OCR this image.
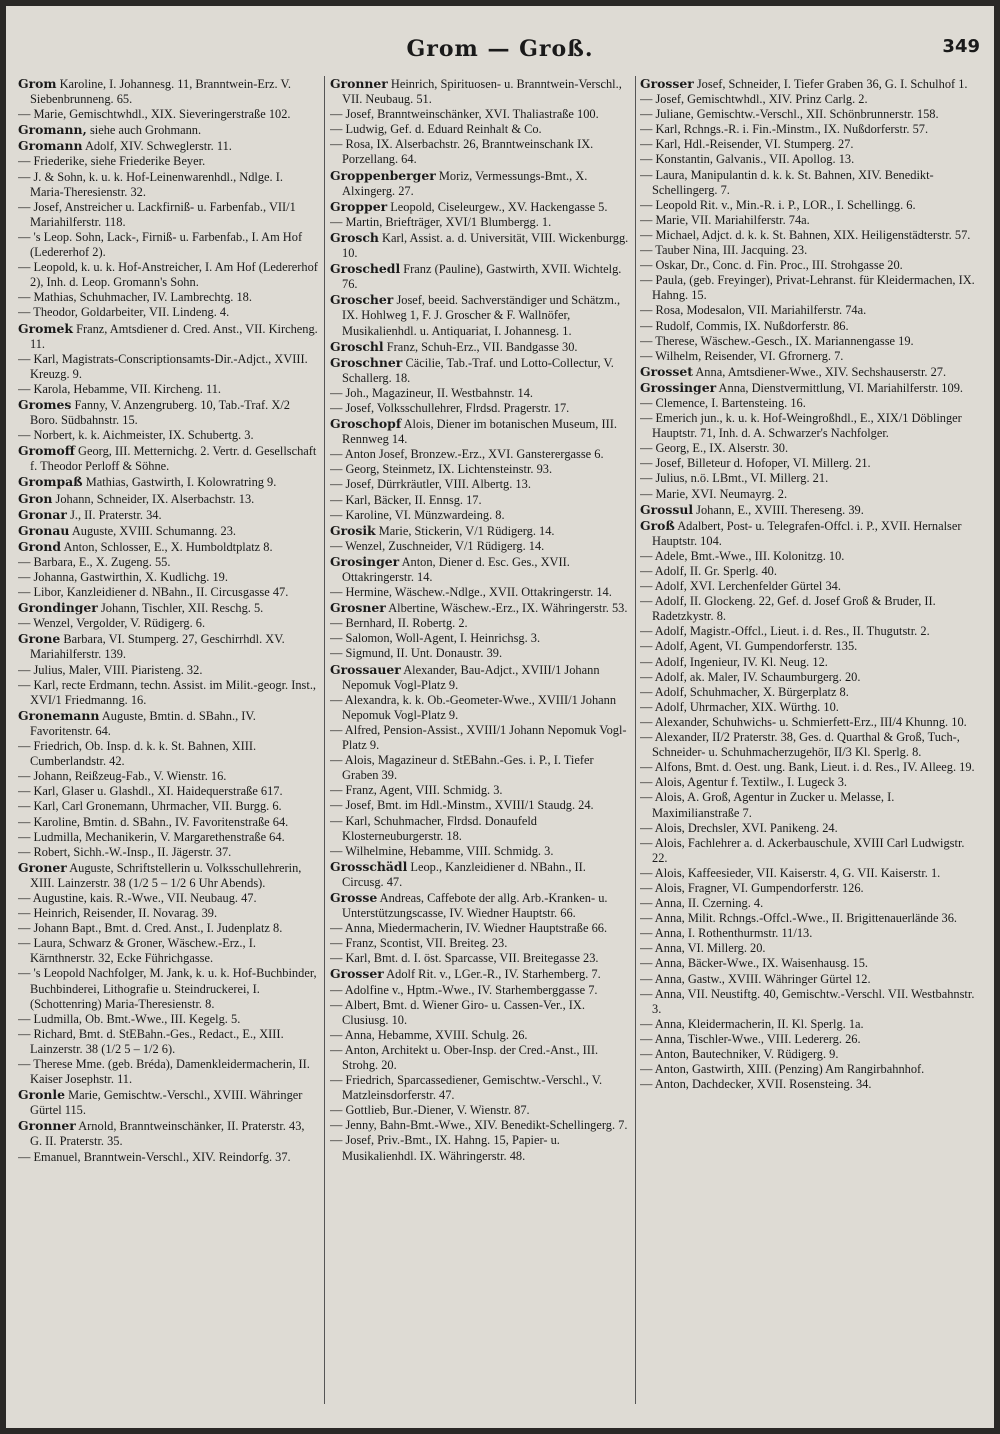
Grom — Groß.	349

Grom Karoline, I. Johannesg. 11, Branntwein-Erz. V. Siebenbrunneng. 65.

— Marie, Gemischtwhdl., XIX. Sieveringerstraße 102.

Gromann, siehe auch Grohmann.

Gromann Adolf, XIV. Schweglerstr. 11.

— Friederike, siehe Friederike Beyer.

— J. & Sohn, k. u. k. Hof-Leinenwarenhdl., Ndlge. I. Maria-Theresienstr. 32.

— Josef, Anstreicher u. Lackfirniß- u. Farbenfab., VII/1 Mariahilferstr. 118.

— 's Leop. Sohn, Lack-, Firniß- u. Farbenfab., I. Am Hof (Ledererhof 2).

— Leopold, k. u. k. Hof-Anstreicher, I. Am Hof (Ledererhof 2), Inh. d. Leop. Gromann's Sohn.

— Mathias, Schuhmacher, IV. Lambrechtg. 18.

— Theodor, Goldarbeiter, VII. Lindeng. 4.

Gromek Franz, Amtsdiener d. Cred. Anst., VII. Kircheng. 11.

— Karl, Magistrats-Conscriptionsamts-Dir.-Adjct., XVIII. Kreuzg. 9.

— Karola, Hebamme, VII. Kircheng. 11.

Gromes Fanny, V. Anzengruberg. 10, Tab.-Traf. X/2 Boro. Südbahnstr. 15.

— Norbert, k. k. Aichmeister, IX. Schubertg. 3.

Gromoff Georg, III. Metternichg. 2. Vertr. d. Gesellschaft f. Theodor Perloff & Söhne.

Grompaß Mathias, Gastwirth, I. Kolowratring 9.

Gron Johann, Schneider, IX. Alserbachstr. 13.

Gronar J., II. Praterstr. 34.

Gronau Auguste, XVIII. Schumanng. 23.

Grond Anton, Schlosser, E., X. Humboldtplatz 8.

— Barbara, E., X. Zugeng. 55.

— Johanna, Gastwirthin, X. Kudlichg. 19.

— Libor, Kanzleidiener d. NBahn., II. Circusgasse 47.

Grondinger Johann, Tischler, XII. Reschg. 5.

— Wenzel, Vergolder, V. Rüdigerg. 6.

Grone Barbara, VI. Stumperg. 27, Geschirrhdl. XV. Mariahilferstr. 139.

— Julius, Maler, VIII. Piaristeng. 32.

— Karl, recte Erdmann, techn. Assist. im Milit.-geogr. Inst., XVI/1 Friedmanng. 16.

Gronemann Auguste, Bmtin. d. SBahn., IV. Favoritenstr. 64.

— Friedrich, Ob. Insp. d. k. k. St. Bahnen, XIII. Cumberlandstr. 42.

— Johann, Reißzeug-Fab., V. Wienstr. 16.

— Karl, Glaser u. Glashdl., XI. Haidequerstraße 617.

— Karl, Carl Gronemann, Uhrmacher, VII. Burgg. 6.

— Karoline, Bmtin. d. SBahn., IV. Favoritenstraße 64.

— Ludmilla, Mechanikerin, V. Margarethenstraße 64.

— Robert, Sichh.-W.-Insp., II. Jägerstr. 37.

Groner Auguste, Schriftstellerin u. Volksschullehrerin, XIII. Lainzerstr. 38 (1/2 5 – 1/2 6 Uhr Abends).

— Augustine, kais. R.-Wwe., VII. Neubaug. 47.

— Heinrich, Reisender, II. Novarag. 39.

— Johann Bapt., Bmt. d. Cred. Anst., I. Judenplatz 8.

— Laura, Schwarz & Groner, Wäschew.-Erz., I. Kärnthnerstr. 32, Ecke Führichgasse.

— 's Leopold Nachfolger, M. Jank, k. u. k. Hof-Buchbinder, Buchbinderei, Lithografie u. Steindruckerei, I. (Schottenring) Maria-Theresienstr. 8.

— Ludmilla, Ob. Bmt.-Wwe., III. Kegelg. 5.

— Richard, Bmt. d. StEBahn.-Ges., Redact., E., XIII. Lainzerstr. 38 (1/2 5 – 1/2 6).

— Therese Mme. (geb. Bréda), Damenkleidermacherin, II. Kaiser Josephstr. 11.

Gronle Marie, Gemischtw.-Verschl., XVIII. Währinger Gürtel 115.

Gronner Arnold, Branntweinschänker, II. Praterstr. 43, G. II. Praterstr. 35.

— Emanuel, Branntwein-Verschl., XIV. Reindorfg. 37.

Gronner Heinrich, Spirituosen- u. Branntwein-Verschl., VII. Neubaug. 51.

— Josef, Branntweinschänker, XVI. Thaliastraße 100.

— Ludwig, Gef. d. Eduard Reinhalt & Co.

— Rosa, IX. Alserbachstr. 26, Branntweinschank IX. Porzellang. 64.

Groppenberger Moriz, Vermessungs-Bmt., X. Alxingerg. 27.

Gropper Leopold, Ciseleurgew., XV. Hackengasse 5.

— Martin, Briefträger, XVI/1 Blumbergg. 1.

Grosch Karl, Assist. a. d. Universität, VIII. Wickenburgg. 10.

Groschedl Franz (Pauline), Gastwirth, XVII. Wichtelg. 76.

Groscher Josef, beeid. Sachverständiger und Schätzm., IX. Hohlweg 1, F. J. Groscher & F. Wallnöfer, Musikalienhdl. u. Antiquariat, I. Johannesg. 1.

Groschl Franz, Schuh-Erz., VII. Bandgasse 30.

Groschner Cäcilie, Tab.-Traf. und Lotto-Collectur, V. Schallerg. 18.

— Joh., Magazineur, II. Westbahnstr. 14.

— Josef, Volksschullehrer, Flrdsd. Pragerstr. 17.

Groschopf Alois, Diener im botanischen Museum, III. Rennweg 14.

— Anton Josef, Bronzew.-Erz., XVI. Gansterergasse 6.

— Georg, Steinmetz, IX. Lichtensteinstr. 93.

— Josef, Dürrkräutler, VIII. Albertg. 13.

— Karl, Bäcker, II. Ennsg. 17.

— Karoline, VI. Münzwardeing. 8.

Grosik Marie, Stickerin, V/1 Rüdigerg. 14.

— Wenzel, Zuschneider, V/1 Rüdigerg. 14.

Grosinger Anton, Diener d. Esc. Ges., XVII. Ottakringerstr. 14.

— Hermine, Wäschew.-Ndlge., XVII. Ottakringerstr. 14.

Grosner Albertine, Wäschew.-Erz., IX. Währingerstr. 53.

— Bernhard, II. Robertg. 2.

— Salomon, Woll-Agent, I. Heinrichsg. 3.

— Sigmund, II. Unt. Donaustr. 39.

Grossauer Alexander, Bau-Adjct., XVIII/1 Johann Nepomuk Vogl-Platz 9.

— Alexandra, k. k. Ob.-Geometer-Wwe., XVIII/1 Johann Nepomuk Vogl-Platz 9.

— Alfred, Pension-Assist., XVIII/1 Johann Nepomuk Vogl-Platz 9.

— Alois, Magazineur d. StEBahn.-Ges. i. P., I. Tiefer Graben 39.

— Franz, Agent, VIII. Schmidg. 3.

— Josef, Bmt. im Hdl.-Minstm., XVIII/1 Staudg. 24.

— Karl, Schuhmacher, Flrdsd. Donaufeld Klosterneuburgerstr. 18.

— Wilhelmine, Hebamme, VIII. Schmidg. 3.

Grosschädl Leop., Kanzleidiener d. NBahn., II. Circusg. 47.

Grosse Andreas, Caffebote der allg. Arb.-Kranken- u. Unterstützungscasse, IV. Wiedner Hauptstr. 66.

— Anna, Miedermacherin, IV. Wiedner Hauptstraße 66.

— Franz, Scontist, VII. Breiteg. 23.

— Karl, Bmt. d. I. öst. Sparcasse, VII. Breitegasse 23.

Grosser Adolf Rit. v., LGer.-R., IV. Starhemberg. 7.

— Adolfine v., Hptm.-Wwe., IV. Starhemberggasse 7.

— Albert, Bmt. d. Wiener Giro- u. Cassen-Ver., IX. Clusiusg. 10.

— Anna, Hebamme, XVIII. Schulg. 26.

— Anton, Architekt u. Ober-Insp. der Cred.-Anst., III. Strohg. 20.

— Friedrich, Sparcassediener, Gemischtw.-Verschl., V. Matzleinsdorferstr. 47.

— Gottlieb, Bur.-Diener, V. Wienstr. 87.

— Jenny, Bahn-Bmt.-Wwe., XIV. Benedikt-Schellingerg. 7.

— Josef, Priv.-Bmt., IX. Hahng. 15, Papier- u. Musikalienhdl. IX. Währingerstr. 48.

Grosser Josef, Schneider, I. Tiefer Graben 36, G. I. Schulhof 1.

— Josef, Gemischtwhdl., XIV. Prinz Carlg. 2.

— Juliane, Gemischtw.-Verschl., XII. Schönbrunnerstr. 158.

— Karl, Rchngs.-R. i. Fin.-Minstm., IX. Nußdorferstr. 57.

— Karl, Hdl.-Reisender, VI. Stumperg. 27.

— Konstantin, Galvanis., VII. Apollog. 13.

— Laura, Manipulantin d. k. k. St. Bahnen, XIV. Benedikt-Schellingerg. 7.

— Leopold Rit. v., Min.-R. i. P., LOR., I. Schellingg. 6.

— Marie, VII. Mariahilferstr. 74a.

— Michael, Adjct. d. k. k. St. Bahnen, XIX. Heiligenstädterstr. 57.

— Tauber Nina, III. Jacquing. 23.

— Oskar, Dr., Conc. d. Fin. Proc., III. Strohgasse 20.

— Paula, (geb. Freyinger), Privat-Lehranst. für Kleidermachen, IX. Hahng. 15.

— Rosa, Modesalon, VII. Mariahilferstr. 74a.

— Rudolf, Commis, IX. Nußdorferstr. 86.

— Therese, Wäschew.-Gesch., IX. Mariannengasse 19.

— Wilhelm, Reisender, VI. Gfrornerg. 7.

Grosset Anna, Amtsdiener-Wwe., XIV. Sechshauserstr. 27.

Grossinger Anna, Dienstvermittlung, VI. Mariahilferstr. 109.

— Clemence, I. Bartensteing. 16.

— Emerich jun., k. u. k. Hof-Weingroßhdl., E., XIX/1 Döblinger Hauptstr. 71, Inh. d. A. Schwarzer's Nachfolger.

— Georg, E., IX. Alserstr. 30.

— Josef, Billeteur d. Hofoper, VI. Millerg. 21.

— Julius, n.ö. LBmt., VI. Millerg. 21.

— Marie, XVI. Neumayrg. 2.

Grossul Johann, E., XVIII. Thereseng. 39.

Groß Adalbert, Post- u. Telegrafen-Offcl. i. P., XVII. Hernalser Hauptstr. 104.

— Adele, Bmt.-Wwe., III. Kolonitzg. 10.

— Adolf, II. Gr. Sperlg. 40.

— Adolf, XVI. Lerchenfelder Gürtel 34.

— Adolf, II. Glockeng. 22, Gef. d. Josef Groß & Bruder, II. Radetzkystr. 8.

— Adolf, Magistr.-Offcl., Lieut. i. d. Res., II. Thugutstr. 2.

— Adolf, Agent, VI. Gumpendorferstr. 135.

— Adolf, Ingenieur, IV. Kl. Neug. 12.

— Adolf, ak. Maler, IV. Schaumburgerg. 20.

— Adolf, Schuhmacher, X. Bürgerplatz 8.

— Adolf, Uhrmacher, XIX. Würthg. 10.

— Alexander, Schuhwichs- u. Schmierfett-Erz., III/4 Khunng. 10.

— Alexander, II/2 Praterstr. 38, Ges. d. Quarthal & Groß, Tuch-, Schneider- u. Schuhmacherzugehör, II/3 Kl. Sperlg. 8.

— Alfons, Bmt. d. Oest. ung. Bank, Lieut. i. d. Res., IV. Alleeg. 19.

— Alois, Agentur f. Textilw., I. Lugeck 3.

— Alois, A. Groß, Agentur in Zucker u. Melasse, I. Maximilianstraße 7.

— Alois, Drechsler, XVI. Panikeng. 24.

— Alois, Fachlehrer a. d. Ackerbauschule, XVIII Carl Ludwigstr. 22.

— Alois, Kaffeesieder, VII. Kaiserstr. 4, G. VII. Kaiserstr. 1.

— Alois, Fragner, VI. Gumpendorferstr. 126.

— Anna, II. Czerning. 4.

— Anna, Milit. Rchngs.-Offcl.-Wwe., II. Brigittenauerlände 36.

— Anna, I. Rothenthurmstr. 11/13.

— Anna, VI. Millerg. 20.

— Anna, Bäcker-Wwe., IX. Waisenhausg. 15.

— Anna, Gastw., XVIII. Währinger Gürtel 12.

— Anna, VII. Neustiftg. 40, Gemischtw.-Verschl. VII. Westbahnstr. 3.

— Anna, Kleidermacherin, II. Kl. Sperlg. 1a.

— Anna, Tischler-Wwe., VIII. Ledererg. 26.

— Anton, Bautechniker, V. Rüdigerg. 9.

— Anton, Gastwirth, XIII. (Penzing) Am Rangirbahnhof.

— Anton, Dachdecker, XVII. Rosensteing. 34.
